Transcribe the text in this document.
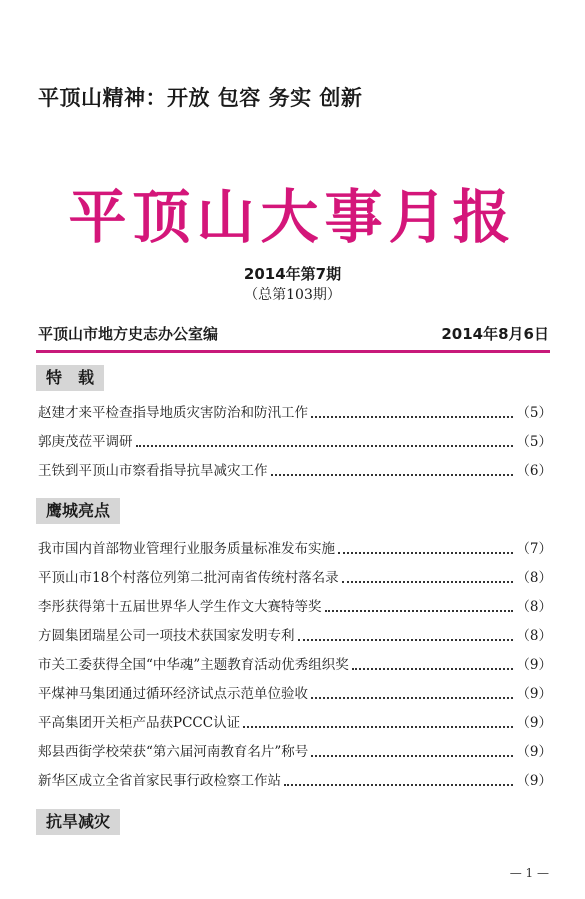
平顶山精神：开放 包容 务实 创新
平顶山大事月报
2014年第7期
（总第103期）
平顶山市地方史志办公室编	2014年8月6日
特　载
赵建才来平检查指导地质灾害防治和防汛工作	（5）
郭庚茂莅平调研	（5）
王铁到平顶山市察看指导抗旱减灾工作	（6）
鹰城亮点
我市国内首部物业管理行业服务质量标准发布实施	（7）
平顶山市18个村落位列第二批河南省传统村落名录	（8）
李彤获得第十五届世界华人学生作文大赛特等奖	（8）
方圆集团瑞星公司一项技术获国家发明专利	（8）
市关工委获得全国“中华魂”主题教育活动优秀组织奖	（9）
平煤神马集团通过循环经济试点示范单位验收	（9）
平高集团开关柜产品获PCCC认证	（9）
郏县西街学校荣获“第六届河南教育名片”称号	（9）
新华区成立全省首家民事行政检察工作站	（9）
抗旱减灾
— 1 —
